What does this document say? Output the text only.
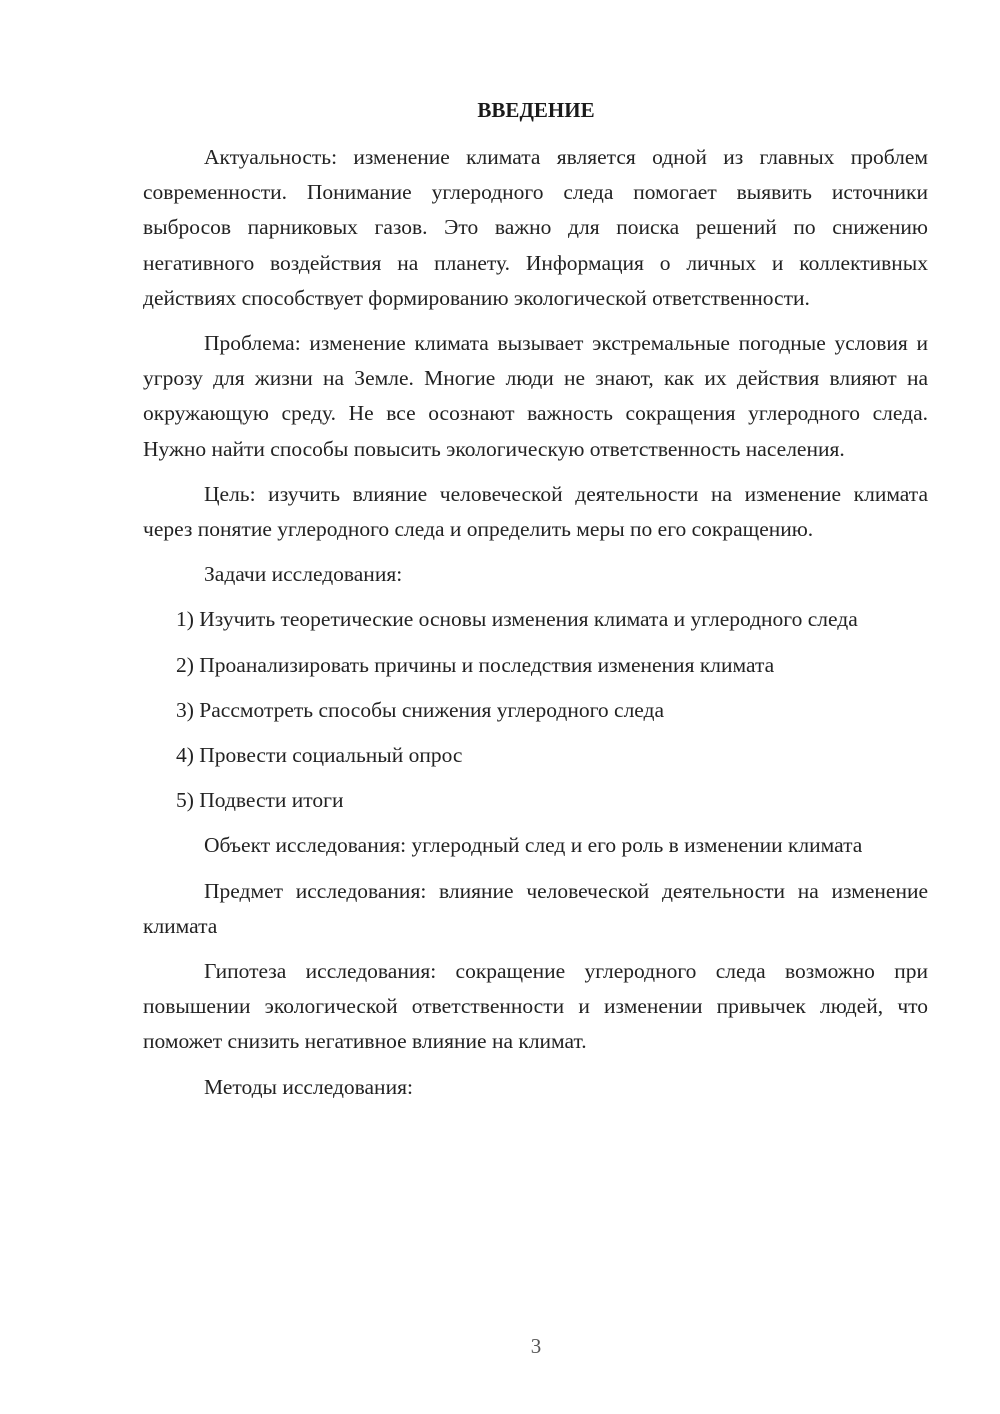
ВВЕДЕНИЕ

Актуальность: изменение климата является одной из главных проблем современности. Понимание углеродного следа помогает выявить источники выбросов парниковых газов. Это важно для поиска решений по снижению негативного воздействия на планету. Информация о личных и коллективных действиях способствует формированию экологической ответственности.

Проблема: изменение климата вызывает экстремальные погодные условия и угрозу для жизни на Земле. Многие люди не знают, как их действия влияют на окружающую среду. Не все осознают важность сокращения углеродного следа. Нужно найти способы повысить экологическую ответственность населения.

Цель: изучить влияние человеческой деятельности на изменение климата через понятие углеродного следа и определить меры по его сокращению.

Задачи исследования:

1) Изучить теоретические основы изменения климата и углеродного следа

2) Проанализировать причины и последствия изменения климата

3) Рассмотреть способы снижения углеродного следа

4) Провести социальный опрос

5) Подвести итоги

Объект исследования: углеродный след и его роль в изменении климата

Предмет исследования: влияние человеческой деятельности на изменение климата

Гипотеза исследования: сокращение углеродного следа возможно при повышении экологической ответственности и изменении привычек людей, что поможет снизить негативное влияние на климат.

Методы исследования:

3
